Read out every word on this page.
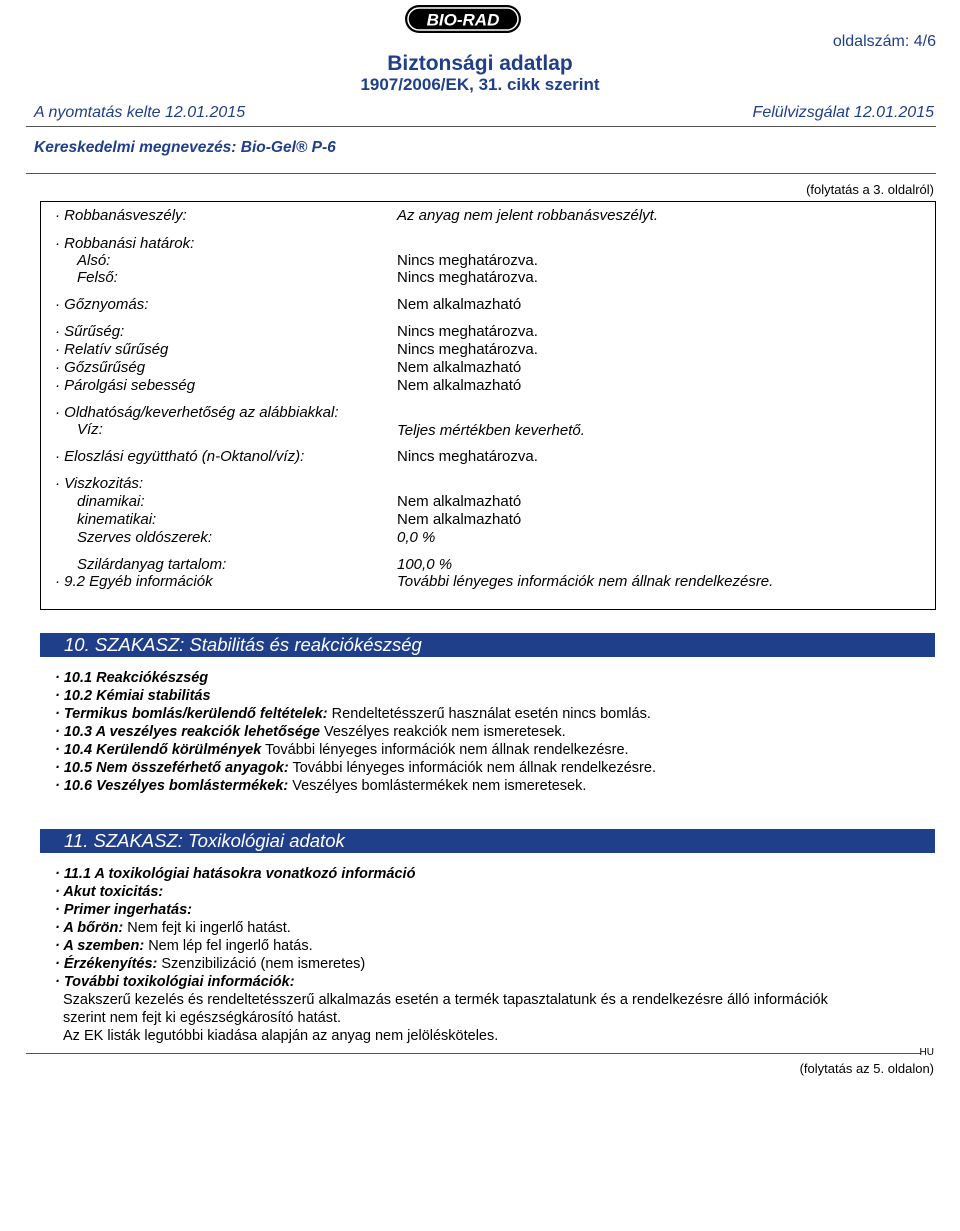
BIO-RAD
oldalszám: 4/6
Biztonsági adatlap
1907/2006/EK, 31. cikk szerint
A nyomtatás kelte 12.01.2015	Felülvizsgálat 12.01.2015
Kereskedelmi megnevezés: Bio-Gel® P-6
(folytatás a 3. oldalról)
· Robbanásveszély:	Az anyag nem jelent robbanásveszélyt.
· Robbanási határok:
Alsó:	Nincs meghatározva.
Felső:	Nincs meghatározva.
· Gőznyomás:	Nem alkalmazható
· Sűrűség:	Nincs meghatározva.
· Relatív sűrűség	Nincs meghatározva.
· Gőzsűrűség	Nem alkalmazható
· Párolgási sebesség	Nem alkalmazható
· Oldhatóság/keverhetőség az alábbiakkal:
Víz:	Teljes mértékben keverhető.
· Eloszlási együttható (n-Oktanol/víz):	Nincs meghatározva.
· Viszkozitás:
dinamikai:	Nem alkalmazható
kinematikai:	Nem alkalmazható
Szerves oldószerek:	0,0 %
Szilárdanyag tartalom:	100,0 %
· 9.2 Egyéb információk	További lényeges információk nem állnak rendelkezésre.
10. SZAKASZ: Stabilitás és reakciókészség
· 10.1 Reakciókészség
· 10.2 Kémiai stabilitás
· Termikus bomlás/kerülendő feltételek: Rendeltetésszerű használat esetén nincs bomlás.
· 10.3 A veszélyes reakciók lehetősége Veszélyes reakciók nem ismeretesek.
· 10.4 Kerülendő körülmények További lényeges információk nem állnak rendelkezésre.
· 10.5 Nem összeférhető anyagok: További lényeges információk nem állnak rendelkezésre.
· 10.6 Veszélyes bomlástermékek: Veszélyes bomlástermékek nem ismeretesek.
11. SZAKASZ: Toxikológiai adatok
· 11.1 A toxikológiai hatásokra vonatkozó információ
· Akut toxicitás:
· Primer ingerhatás:
· A bőrön: Nem fejt ki ingerlő hatást.
· A szemben: Nem lép fel ingerlő hatás.
· Érzékenyítés: Szenzibilizáció (nem ismeretes)
· További toxikológiai információk:
Szakszerű kezelés és rendeltetésszerű alkalmazás esetén a termék tapasztalatunk és a rendelkezésre álló információk
szerint nem fejt ki egészségkárosító hatást.
Az EK listák legutóbbi kiadása alapján az anyag nem jelölésköteles.
HU
(folytatás az 5. oldalon)
